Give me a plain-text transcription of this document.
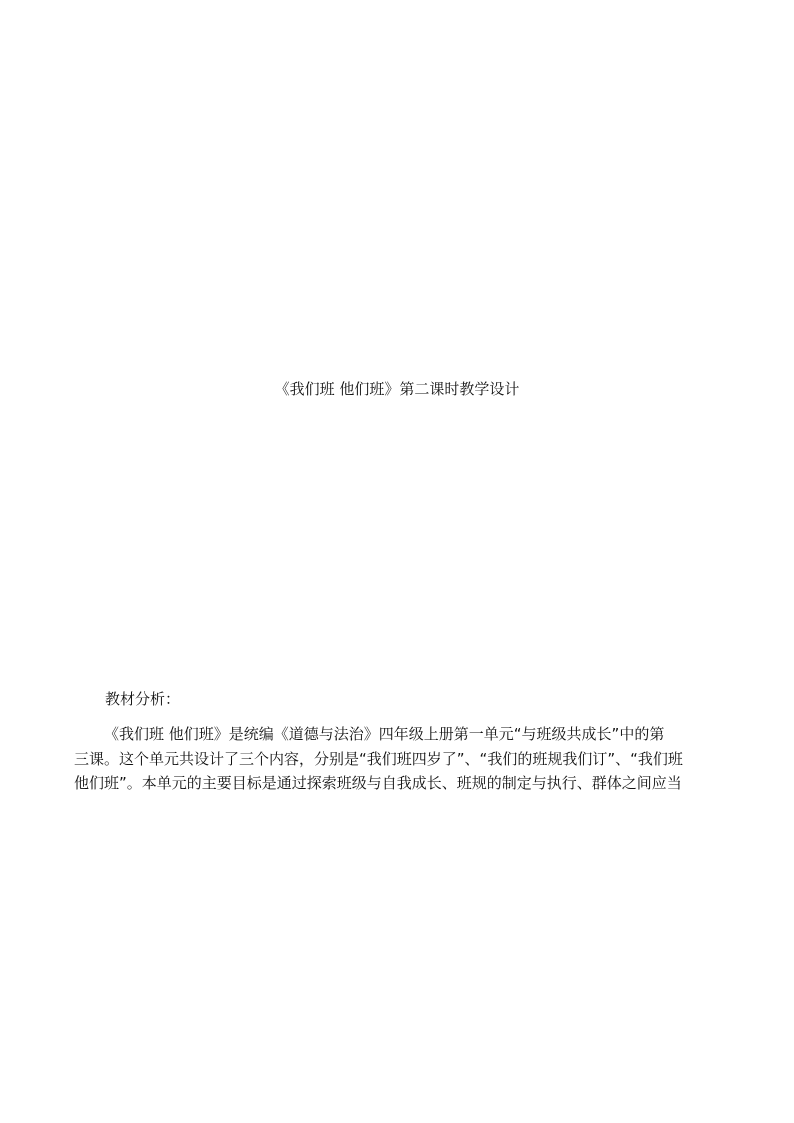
《我们班 他们班》第二课时教学设计
教材分析：
《我们班 他们班》是统编《道德与法治》四年级上册第一单元“与班级共成长”中的第
三课。这个单元共设计了三个内容，分别是“我们班四岁了”、“我们的班规我们订”、“我们班
他们班”。本单元的主要目标是通过探索班级与自我成长、班规的制定与执行、群体之间应当
